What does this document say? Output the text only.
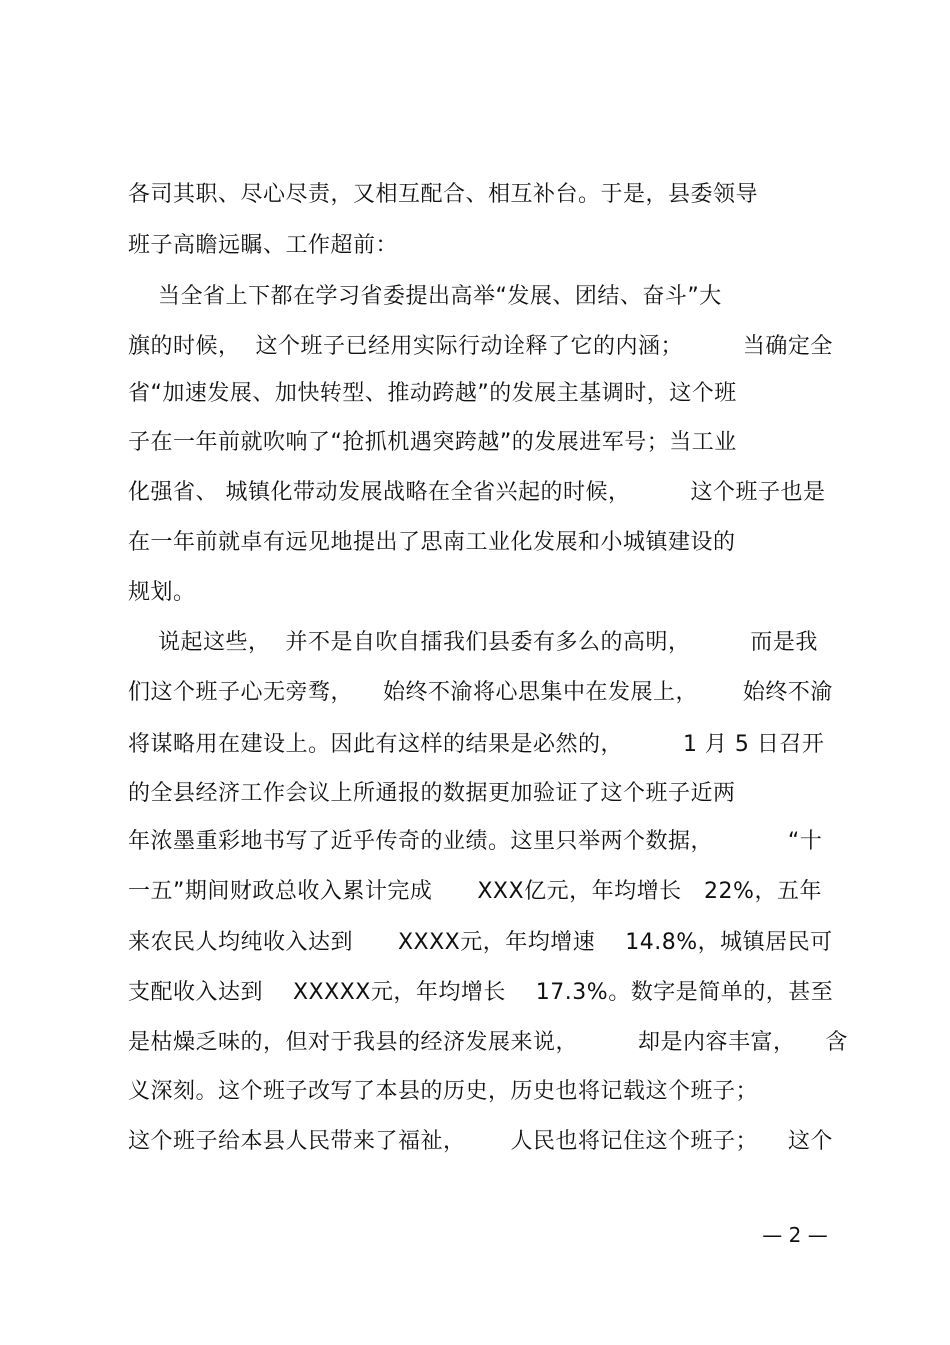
各司其职、尽心尽责，又相互配合、相互补台。于是，县委领导
班子高瞻远瞩、工作超前：
当全省上下都在学习省委提出高举“发展、团结、奋斗”大
旗的时候，  这个班子已经用实际行动诠释了它的内涵；        当确定全
省“加速发展、加快转型、推动跨越”的发展主基调时，这个班
子在一年前就吹响了“抢抓机遇突跨越”的发展进军号；当工业
化强省、 城镇化带动发展战略在全省兴起的时候，        这个班子也是
在一年前就卓有远见地提出了思南工业化发展和小城镇建设的
规划。
说起这些，  并不是自吹自擂我们县委有多么的高明，        而是我
们这个班子心无旁骛，    始终不渝将心思集中在发展上，      始终不渝
将谋略用在建设上。因此有这样的结果是必然的，        1 月 5 日召开
的全县经济工作会议上所通报的数据更加验证了这个班子近两
年浓墨重彩地书写了近乎传奇的业绩。这里只举两个数据，          “十
一五”期间财政总收入累计完成      XXX亿元，年均增长   22%，五年
来农民人均纯收入达到      XXXX元，年均增速    14.8%，城镇居民可
支配收入达到    XXXXX元，年均增长    17.3%。数字是简单的，甚至
是枯燥乏味的，但对于我县的经济发展来说，        却是内容丰富，    含
义深刻。这个班子改写了本县的历史，历史也将记载这个班子；
这个班子给本县人民带来了福祉，      人民也将记住这个班子；    这个
— 2 —
